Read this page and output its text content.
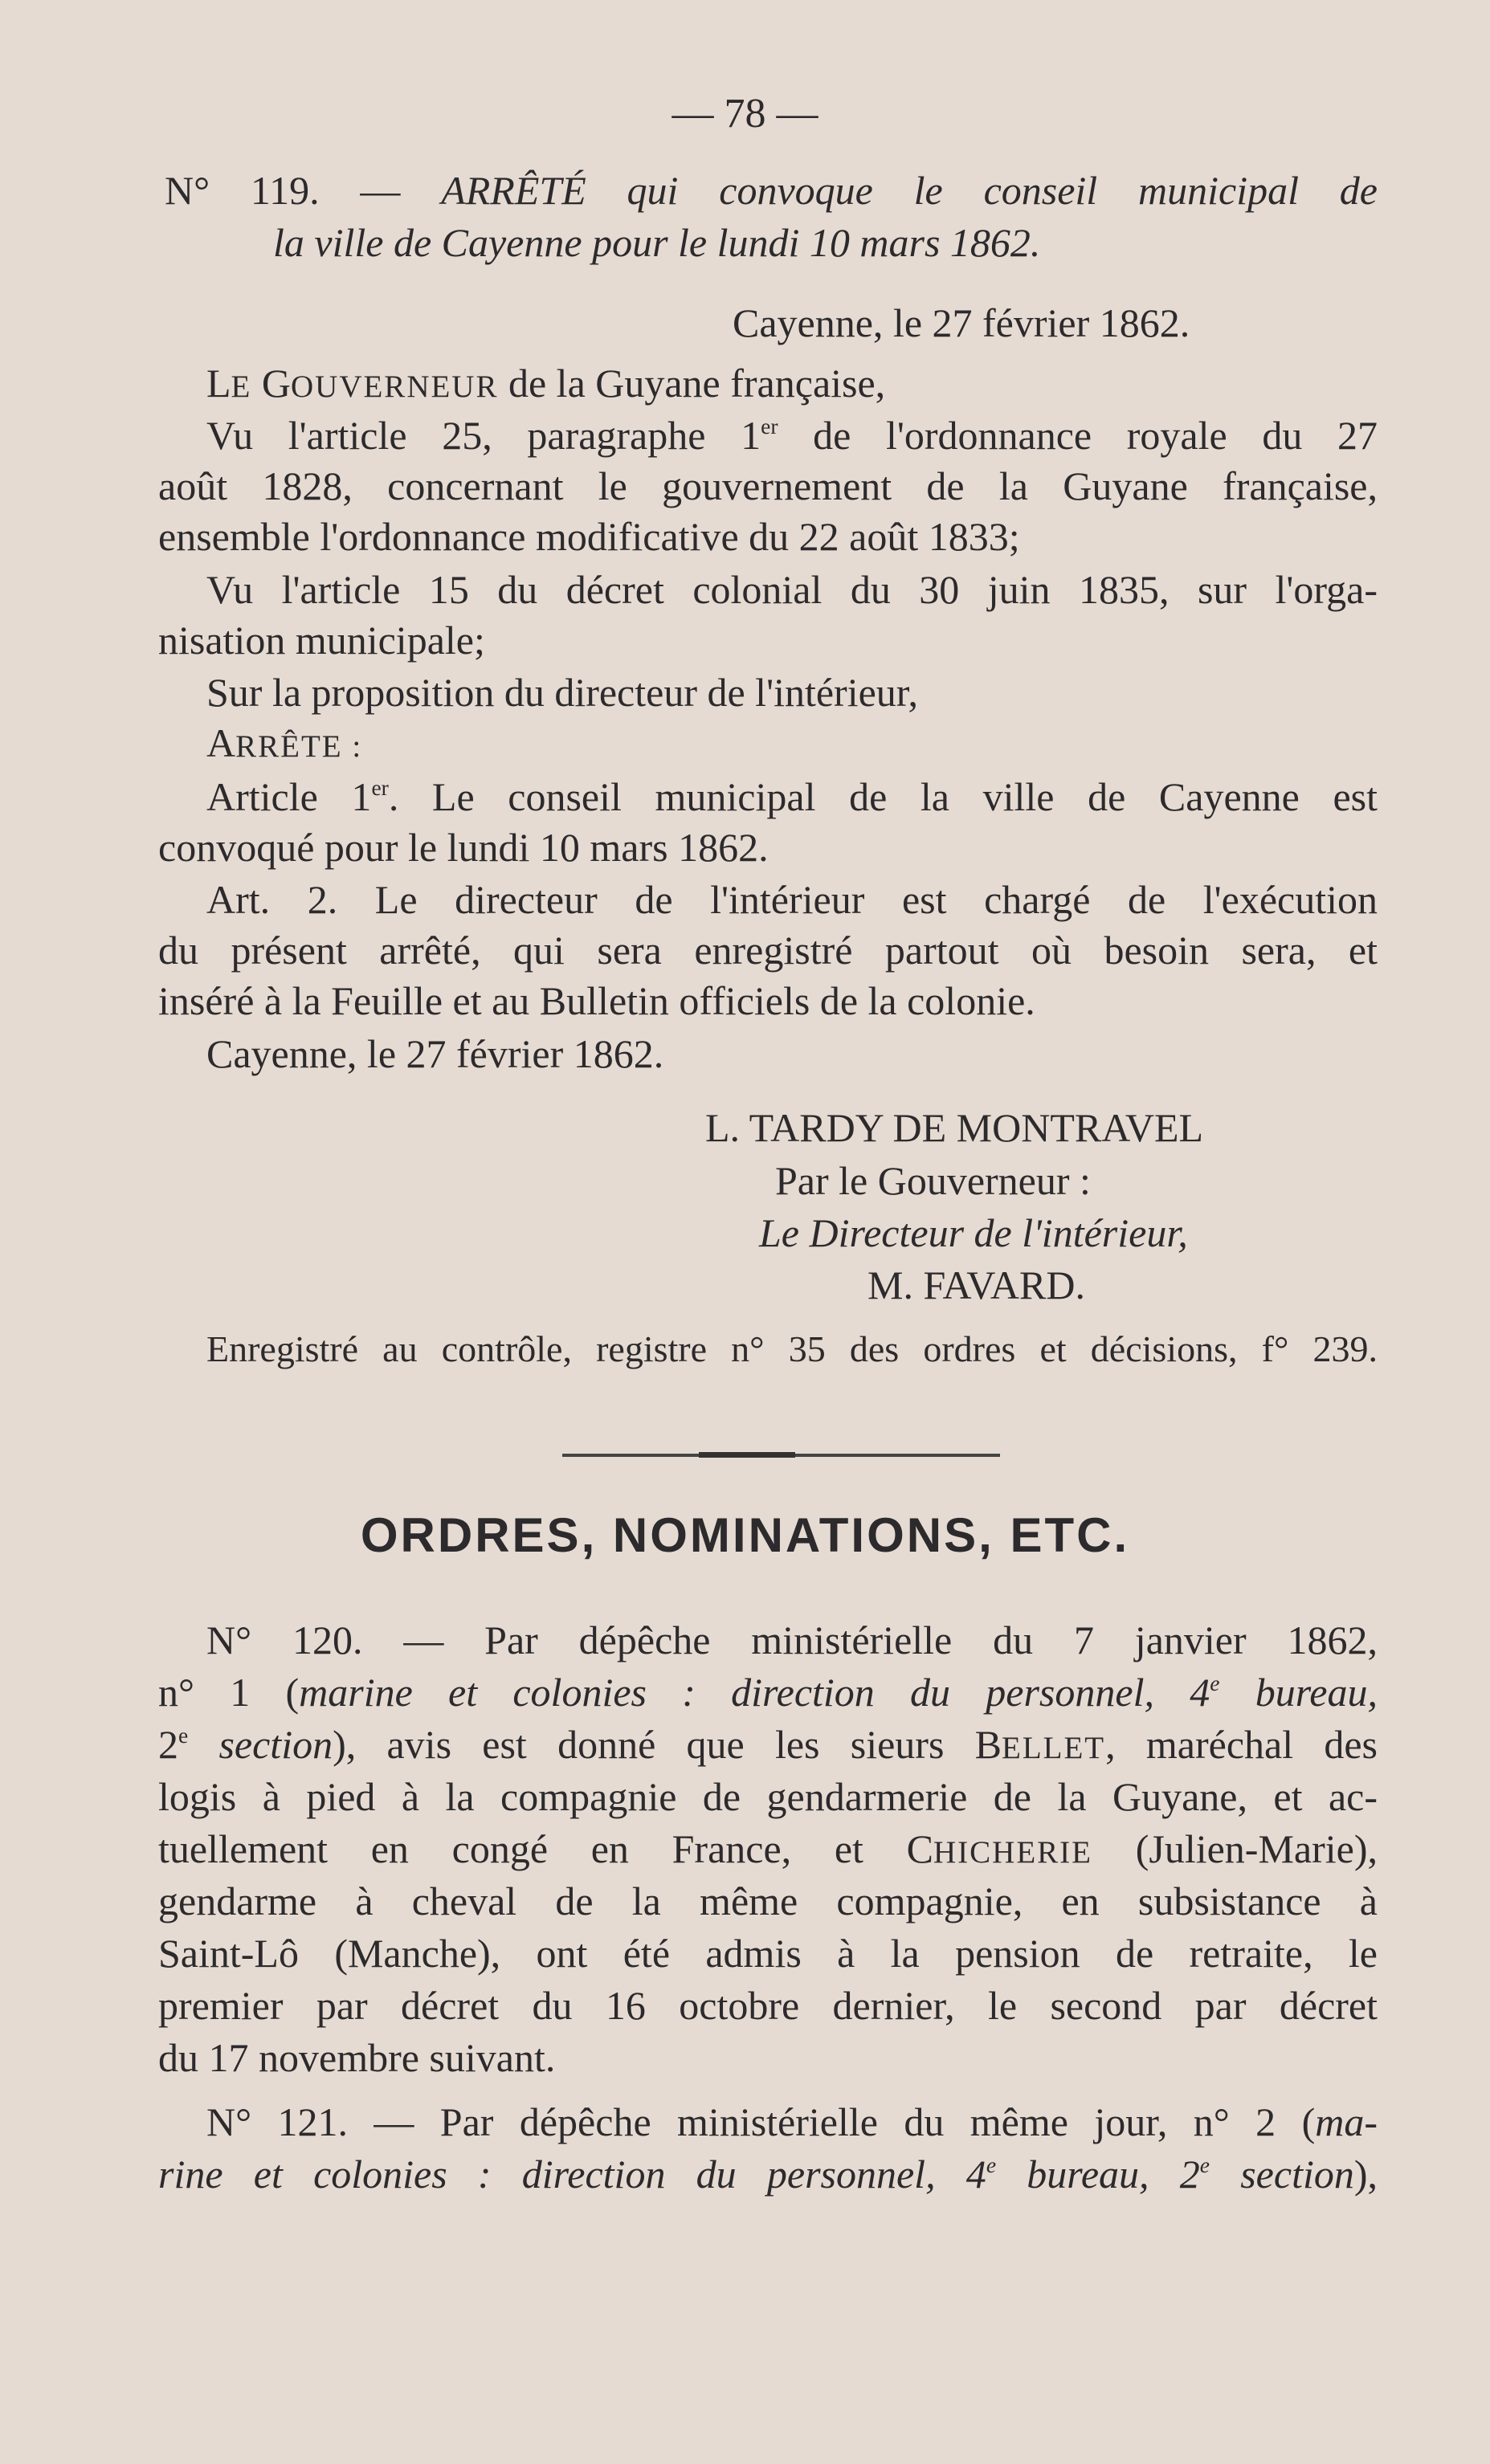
— 78 —
N° 119. — ARRÊTÉ qui convoque le conseil municipal de
la ville de Cayenne pour le lundi 10 mars 1862.
Cayenne, le 27 février 1862.
LE GOUVERNEUR de la Guyane française,
Vu l'article 25, paragraphe 1er de l'ordonnance royale du 27
août 1828, concernant le gouvernement de la Guyane française,
ensemble l'ordonnance modificative du 22 août 1833;
Vu l'article 15 du décret colonial du 30 juin 1835, sur l'orga-
nisation municipale;
Sur la proposition du directeur de l'intérieur,
ARRÊTE :
Article 1er. Le conseil municipal de la ville de Cayenne est
convoqué pour le lundi 10 mars 1862.
Art. 2. Le directeur de l'intérieur est chargé de l'exécution
du présent arrêté, qui sera enregistré partout où besoin sera, et
inséré à la Feuille et au Bulletin officiels de la colonie.
Cayenne, le 27 février 1862.
L. TARDY DE MONTRAVEL
Par le Gouverneur :
Le Directeur de l'intérieur,
M. FAVARD.
Enregistré au contrôle, registre n° 35 des ordres et décisions, f° 239.
ORDRES, NOMINATIONS, ETC.
N° 120. — Par dépêche ministérielle du 7 janvier 1862,
n° 1 (marine et colonies : direction du personnel, 4e bureau,
2e section), avis est donné que les sieurs BELLET, maréchal des
logis à pied à la compagnie de gendarmerie de la Guyane, et ac-
tuellement en congé en France, et CHICHERIE (Julien-Marie),
gendarme à cheval de la même compagnie, en subsistance à
Saint-Lô (Manche), ont été admis à la pension de retraite, le
premier par décret du 16 octobre dernier, le second par décret
du 17 novembre suivant.
N° 121. — Par dépêche ministérielle du même jour, n° 2 (ma-
rine et colonies : direction du personnel, 4e bureau, 2e section),
